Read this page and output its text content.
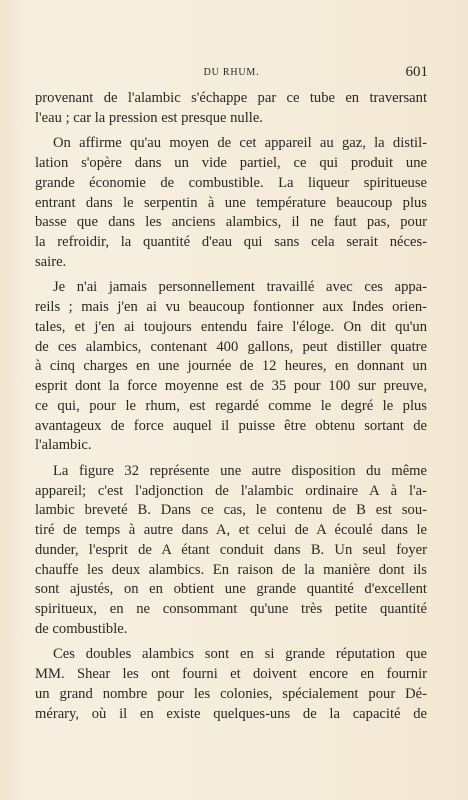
DU RHUM.	601
provenant de l'alambic s'échappe par ce tube en traversant
l'eau ; car la pression est presque nulle.
On affirme qu'au moyen de cet appareil au gaz, la distil-
lation s'opère dans un vide partiel, ce qui produit une
grande économie de combustible. La liqueur spiritueuse
entrant dans le serpentin à une température beaucoup plus
basse que dans les anciens alambics, il ne faut pas, pour
la refroidir, la quantité d'eau qui sans cela serait néces-
saire.
Je n'ai jamais personnellement travaillé avec ces appa-
reils ; mais j'en ai vu beaucoup fontionner aux Indes orien-
tales, et j'en ai toujours entendu faire l'éloge. On dit qu'un
de ces alambics, contenant 400 gallons, peut distiller quatre
à cinq charges en une journée de 12 heures, en donnant un
esprit dont la force moyenne est de 35 pour 100 sur preuve,
ce qui, pour le rhum, est regardé comme le degré le plus
avantageux de force auquel il puisse être obtenu sortant de
l'alambic.
La figure 32 représente une autre disposition du même
appareil; c'est l'adjonction de l'alambic ordinaire A à l'a-
lambic breveté B. Dans ce cas, le contenu de B est sou-
tiré de temps à autre dans A, et celui de A écoulé dans le
dunder, l'esprit de A étant conduit dans B. Un seul foyer
chauffe les deux alambics. En raison de la manière dont ils
sont ajustés, on en obtient une grande quantité d'excellent
spiritueux, en ne consommant qu'une très petite quantité
de combustible.
Ces doubles alambics sont en si grande réputation que
MM. Shear les ont fourni et doivent encore en fournir
un grand nombre pour les colonies, spécialement pour Dé-
mérary, où il en existe quelques-uns de la capacité de
